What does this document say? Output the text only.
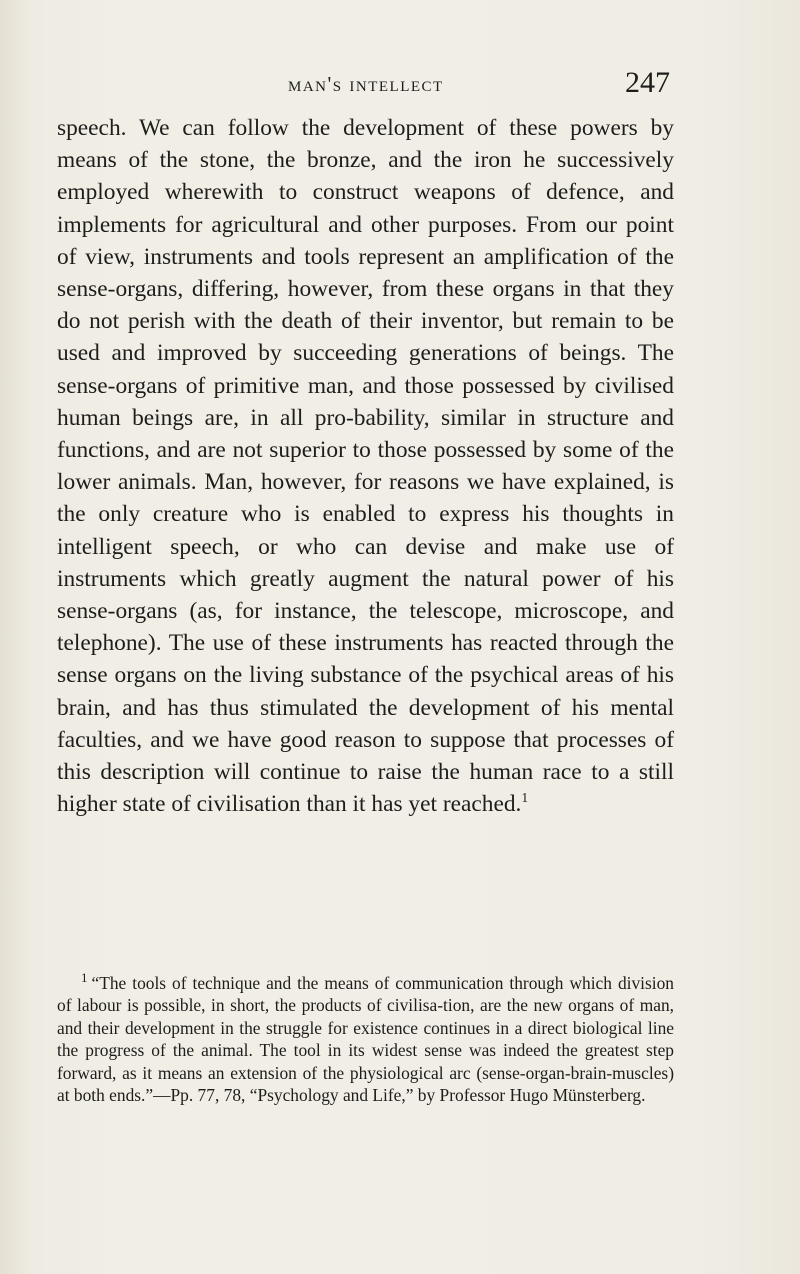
man's intellect	247

speech. We can follow the development of these powers by means of the stone, the bronze, and the iron he successively employed wherewith to construct weapons of defence, and implements for agricultural and other purposes. From our point of view, instruments and tools represent an amplification of the sense-organs, differing, however, from these organs in that they do not perish with the death of their inventor, but remain to be used and improved by succeeding generations of beings. The sense-organs of primitive man, and those possessed by civilised human beings are, in all pro-bability, similar in structure and functions, and are not superior to those possessed by some of the lower animals. Man, however, for reasons we have explained, is the only creature who is enabled to express his thoughts in intelligent speech, or who can devise and make use of instruments which greatly augment the natural power of his sense-organs (as, for instance, the telescope, microscope, and telephone). The use of these instruments has reacted through the sense organs on the living substance of the psychical areas of his brain, and has thus stimulated the development of his mental faculties, and we have good reason to suppose that processes of this description will continue to raise the human race to a still higher state of civilisation than it has yet reached.$^1$

$^1$ “The tools of technique and the means of communication through which division of labour is possible, in short, the products of civilisa-tion, are the new organs of man, and their development in the struggle for existence continues in a direct biological line the progress of the animal. The tool in its widest sense was indeed the greatest step forward, as it means an extension of the physiological arc (sense-organ-brain-muscles) at both ends.”—Pp. 77, 78, “Psychology and Life,” by Professor Hugo Münsterberg.
